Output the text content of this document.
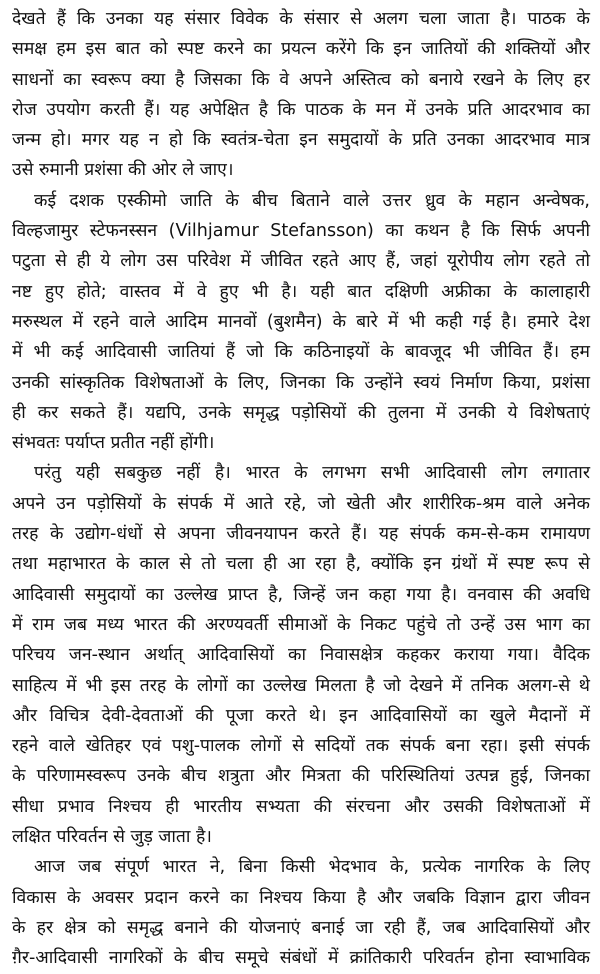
देखते हैं कि उनका यह संसार विवेक के संसार से अलग चला जाता है। पाठक के
समक्ष हम इस बात को स्पष्ट करने का प्रयत्न करेंगे कि इन जातियों की शक्तियों और
साधनों का स्वरूप क्या है जिसका कि वे अपने अस्तित्व को बनाये रखने के लिए हर
रोज उपयोग करती हैं। यह अपेक्षित है कि पाठक के मन में उनके प्रति आदरभाव का
जन्म हो। मगर यह न हो कि स्वतंत्र-चेता इन समुदायों के प्रति उनका आदरभाव मात्र
उसे रुमानी प्रशंसा की ओर ले जाए।
कई दशक एस्कीमो जाति के बीच बिताने वाले उत्तर ध्रुव के महान अन्वेषक,
विल्हजामुर स्टेफनस्सन (Vilhjamur Stefansson) का कथन है कि सिर्फ अपनी
पटुता से ही ये लोग उस परिवेश में जीवित रहते आए हैं, जहां यूरोपीय लोग रहते तो
नष्ट हुए होते; वास्तव में वे हुए भी है। यही बात दक्षिणी अफ्रीका के कालाहारी
मरुस्थल में रहने वाले आदिम मानवों (बुशमैन) के बारे में भी कही गई है। हमारे देश
में भी कई आदिवासी जातियां हैं जो कि कठिनाइयों के बावजूद भी जीवित हैं। हम
उनकी सांस्कृतिक विशेषताओं के लिए, जिनका कि उन्होंने स्वयं निर्माण किया, प्रशंसा
ही कर सकते हैं। यद्यपि, उनके समृद्ध पड़ोसियों की तुलना में उनकी ये विशेषताएं
संभवतः पर्याप्त प्रतीत नहीं होंगी।
परंतु यही सबकुछ नहीं है। भारत के लगभग सभी आदिवासी लोग लगातार
अपने उन पड़ोसियों के संपर्क में आते रहे, जो खेती और शारीरिक-श्रम वाले अनेक
तरह के उद्योग-धंधों से अपना जीवनयापन करते हैं। यह संपर्क कम-से-कम रामायण
तथा महाभारत के काल से तो चला ही आ रहा है, क्योंकि इन ग्रंथों में स्पष्ट रूप से
आदिवासी समुदायों का उल्लेख प्राप्त है, जिन्हें जन कहा गया है। वनवास की अवधि
में राम जब मध्य भारत की अरण्यवर्ती सीमाओं के निकट पहुंचे तो उन्हें उस भाग का
परिचय जन-स्थान अर्थात् आदिवासियों का निवासक्षेत्र कहकर कराया गया। वैदिक
साहित्य में भी इस तरह के लोगों का उल्लेख मिलता है जो देखने में तनिक अलग-से थे
और विचित्र देवी-देवताओं की पूजा करते थे। इन आदिवासियों का खुले मैदानों में
रहने वाले खेतिहर एवं पशु-पालक लोगों से सदियों तक संपर्क बना रहा। इसी संपर्क
के परिणामस्वरूप उनके बीच शत्रुता और मित्रता की परिस्थितियां उत्पन्न हुई, जिनका
सीधा प्रभाव निश्चय ही भारतीय सभ्यता की संरचना और उसकी विशेषताओं में
लक्षित परिवर्तन से जुड़ जाता है।
आज जब संपूर्ण भारत ने, बिना किसी भेदभाव के, प्रत्येक नागरिक के लिए
विकास के अवसर प्रदान करने का निश्चय किया है और जबकि विज्ञान द्वारा जीवन
के हर क्षेत्र को समृद्ध बनाने की योजनाएं बनाई जा रही हैं, जब आदिवासियों और
ग़ैर-आदिवासी नागरिकों के बीच समूचे संबंधों में क्रांतिकारी परिवर्तन होना स्वाभाविक
